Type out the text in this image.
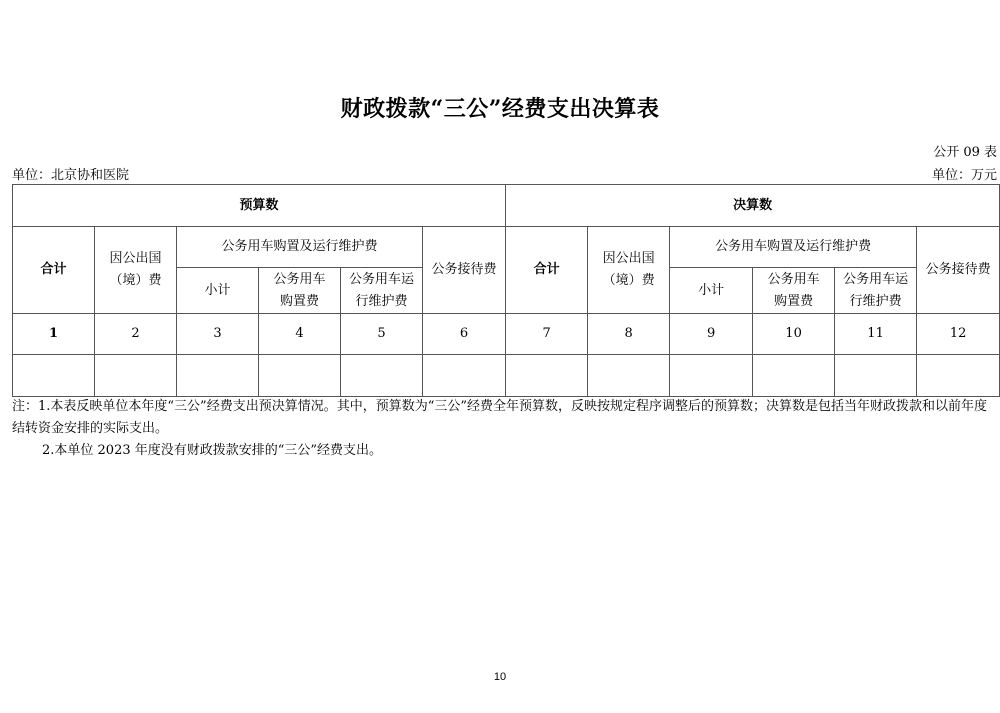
财政拨款“三公”经费支出决算表
公开 09 表
单位：北京协和医院	单位：万元
预算数						决算数					
合计	因公出国（境）费	公务用车购置及运行维护费			公务接待费	合计	因公出国（境）费	公务用车购置及运行维护费			公务接待费
		小计	公务用车购置费	公务用车运行维护费				小计	公务用车购置费	公务用车运行维护费	
1	2	3	4	5	6	7	8	9	10	11	12

注：1.本表反映单位本年度“三公”经费支出预决算情况。其中，预算数为“三公”经费全年预算数，反映按规定程序调整后的预算数；决算数是包括当年财政拨款和以前年度结转资金安排的实际支出。
2.本单位 2023 年度没有财政拨款安排的“三公”经费支出。
10
